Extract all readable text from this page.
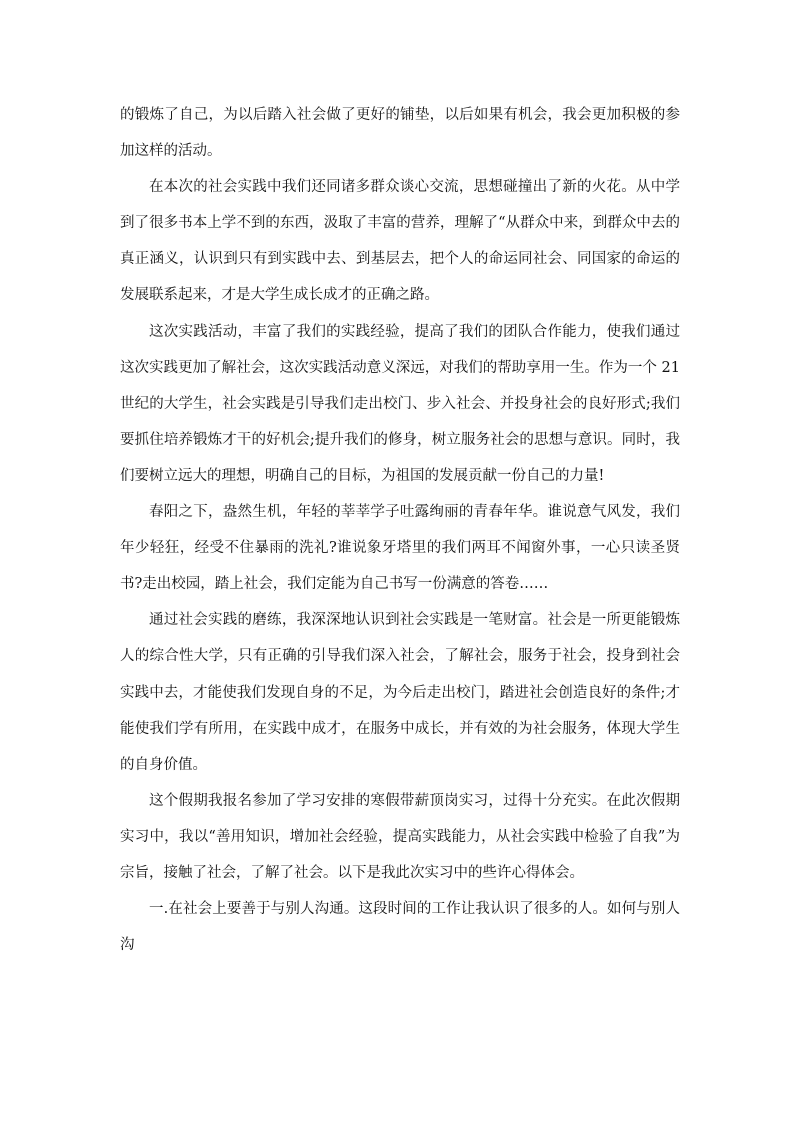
的锻炼了自己，为以后踏入社会做了更好的铺垫，以后如果有机会，我会更加积极的参加这样的活动。

在本次的社会实践中我们还同诸多群众谈心交流，思想碰撞出了新的火花。从中学到了很多书本上学不到的东西，汲取了丰富的营养，理解了“从群众中来，到群众中去的真正涵义，认识到只有到实践中去、到基层去，把个人的命运同社会、同国家的命运的发展联系起来，才是大学生成长成才的正确之路。

这次实践活动，丰富了我们的实践经验，提高了我们的团队合作能力，使我们通过这次实践更加了解社会，这次实践活动意义深远，对我们的帮助享用一生。作为一个 21 世纪的大学生，社会实践是引导我们走出校门、步入社会、并投身社会的良好形式;我们要抓住培养锻炼才干的好机会;提升我们的修身，树立服务社会的思想与意识。同时，我们要树立远大的理想，明确自己的目标，为祖国的发展贡献一份自己的力量!

春阳之下，盎然生机，年轻的莘莘学子吐露绚丽的青春年华。谁说意气风发，我们年少轻狂，经受不住暴雨的洗礼?谁说象牙塔里的我们两耳不闻窗外事，一心只读圣贤书?走出校园，踏上社会，我们定能为自己书写一份满意的答卷……

通过社会实践的磨练，我深深地认识到社会实践是一笔财富。社会是一所更能锻炼人的综合性大学，只有正确的引导我们深入社会，了解社会，服务于社会，投身到社会实践中去，才能使我们发现自身的不足，为今后走出校门，踏进社会创造良好的条件;才能使我们学有所用，在实践中成才，在服务中成长，并有效的为社会服务，体现大学生的自身价值。

这个假期我报名参加了学习安排的寒假带薪顶岗实习，过得十分充实。在此次假期实习中，我以“善用知识，增加社会经验，提高实践能力，从社会实践中检验了自我”为宗旨，接触了社会，了解了社会。以下是我此次实习中的些许心得体会。

一.在社会上要善于与别人沟通。这段时间的工作让我认识了很多的人。如何与别人沟
